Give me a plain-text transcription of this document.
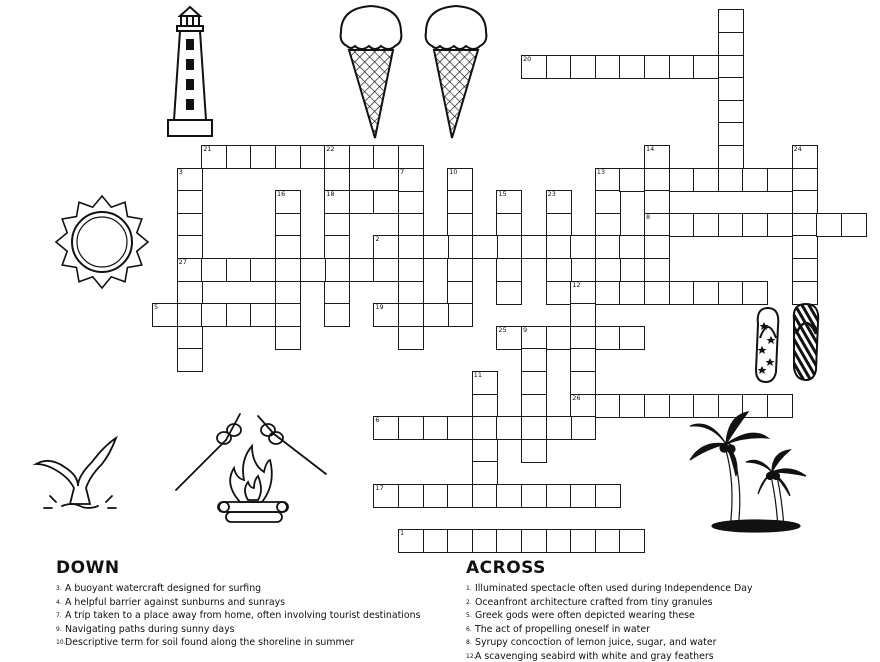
20
21	22
3
27
16	18
7	10
15	23
13
14
8
24
2
12
5	19
25	9
11
26
6
17
1
DOWN	ACROSS
3. A buoyant watercraft designed for surfing
4. A helpful barrier against sunburns and sunrays
7. A trip taken to a place away from home, often involving tourist destinations
9. Navigating paths during sunny days
10.Descriptive term for soil found along the shoreline in summer
1. Illuminated spectacle often used during Independence Day
2. Oceanfront architecture crafted from tiny granules
5. Greek gods were often depicted wearing these
6. The act of propelling oneself in water
8. Syrupy concoction of lemon juice, sugar, and water
12.A scavenging seabird with white and gray feathers
